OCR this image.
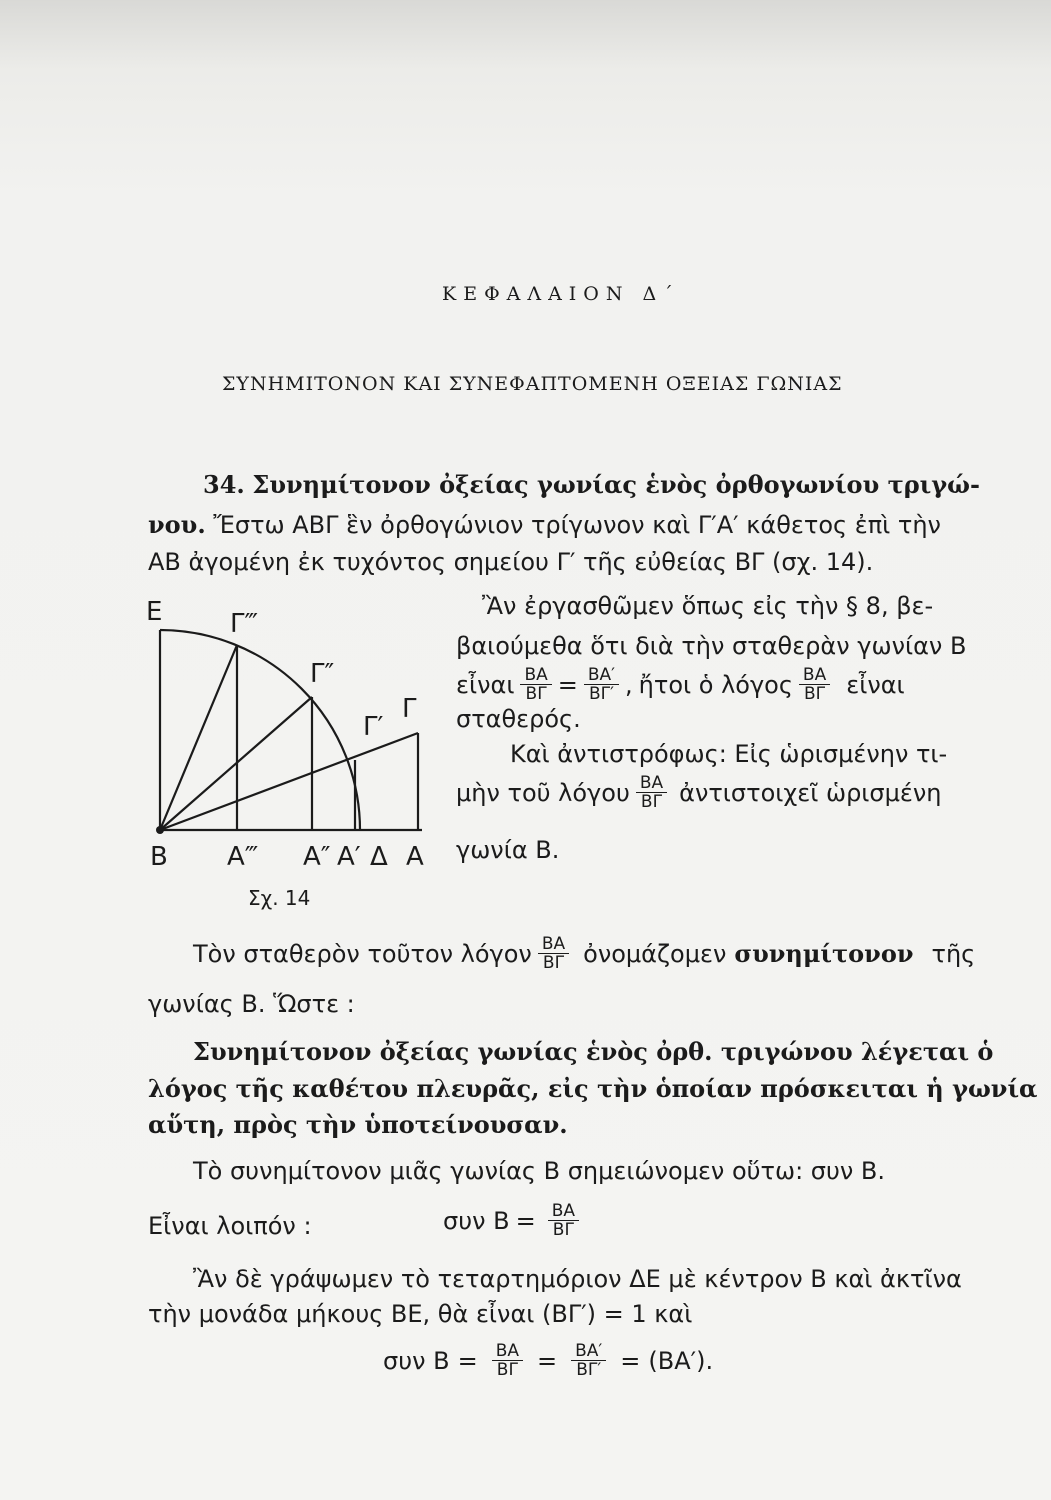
ΚΕΦΑΛΑΙΟΝ Δ΄
ΣΥΝΗΜΙΤΟΝΟΝ ΚΑΙ ΣΥΝΕΦΑΠΤΟΜΕΝΗ ΟΞΕΙΑΣ ΓΩΝΙΑΣ
34. Συνημίτονον ὀξείας γωνίας ἑνὸς ὀρθογωνίου τριγώ-
νου. Ἔστω ΑΒΓ ἓν ὀρθογώνιον τρίγωνον καὶ Γ′Α′ κάθετος ἐπὶ τὴν
ΑΒ ἀγομένη ἐκ τυχόντος σημείου Γ′ τῆς εὐθείας ΒΓ (σχ. 14).
Ἂν ἐργασθῶμεν ὅπως εἰς τὴν § 8, βε-
βαιούμεθα ὅτι διὰ τὴν σταθερὰν γωνίαν Β
εἶναι $\frac{BA}{B\Gamma} = \frac{BA'}{B\Gamma'}$ , ἤτοι ὁ λόγος $\frac{BA}{B\Gamma}$ εἶναι
σταθερός.
Καὶ ἀντιστρόφως: Εἰς ὡρισμένην τι-
μὴν τοῦ λόγου $\frac{BA}{B\Gamma}$ ἀντιστοιχεῖ ὡρισμένη
γωνία Β.
Ε	Γ‴
Γ″
Γ′
Γ
Β Α‴ Α″ Α′ Δ Α
Σχ. 14
Τὸν σταθερὸν τοῦτον λόγον $\frac{BA}{B\Gamma}$ ὀνομάζομεν συνημίτονον τῆς
γωνίας Β. Ὥστε :
Συνημίτονον ὀξείας γωνίας ἑνὸς ὀρθ. τριγώνου λέγεται ὁ
λόγος τῆς καθέτου πλευρᾶς, εἰς τὴν ὁποίαν πρόσκειται ἡ γωνία
αὕτη, πρὸς τὴν ὑποτείνουσαν.
Τὸ συνημίτονον μιᾶς γωνίας Β σημειώνομεν οὕτω: συν Β.
Εἶναι λοιπόν :	συν $B = \frac{BA}{B\Gamma}$
Ἂν δὲ γράψωμεν τὸ τεταρτημόριον ΔΕ μὲ κέντρον Β καὶ ἀκτῖνα
τὴν μονάδα μήκους ΒΕ, θὰ εἶναι (ΒΓ′) = 1 καὶ
συν $B = \frac{BA}{B\Gamma} = \frac{BA'}{B\Gamma'} = (BA')$.
